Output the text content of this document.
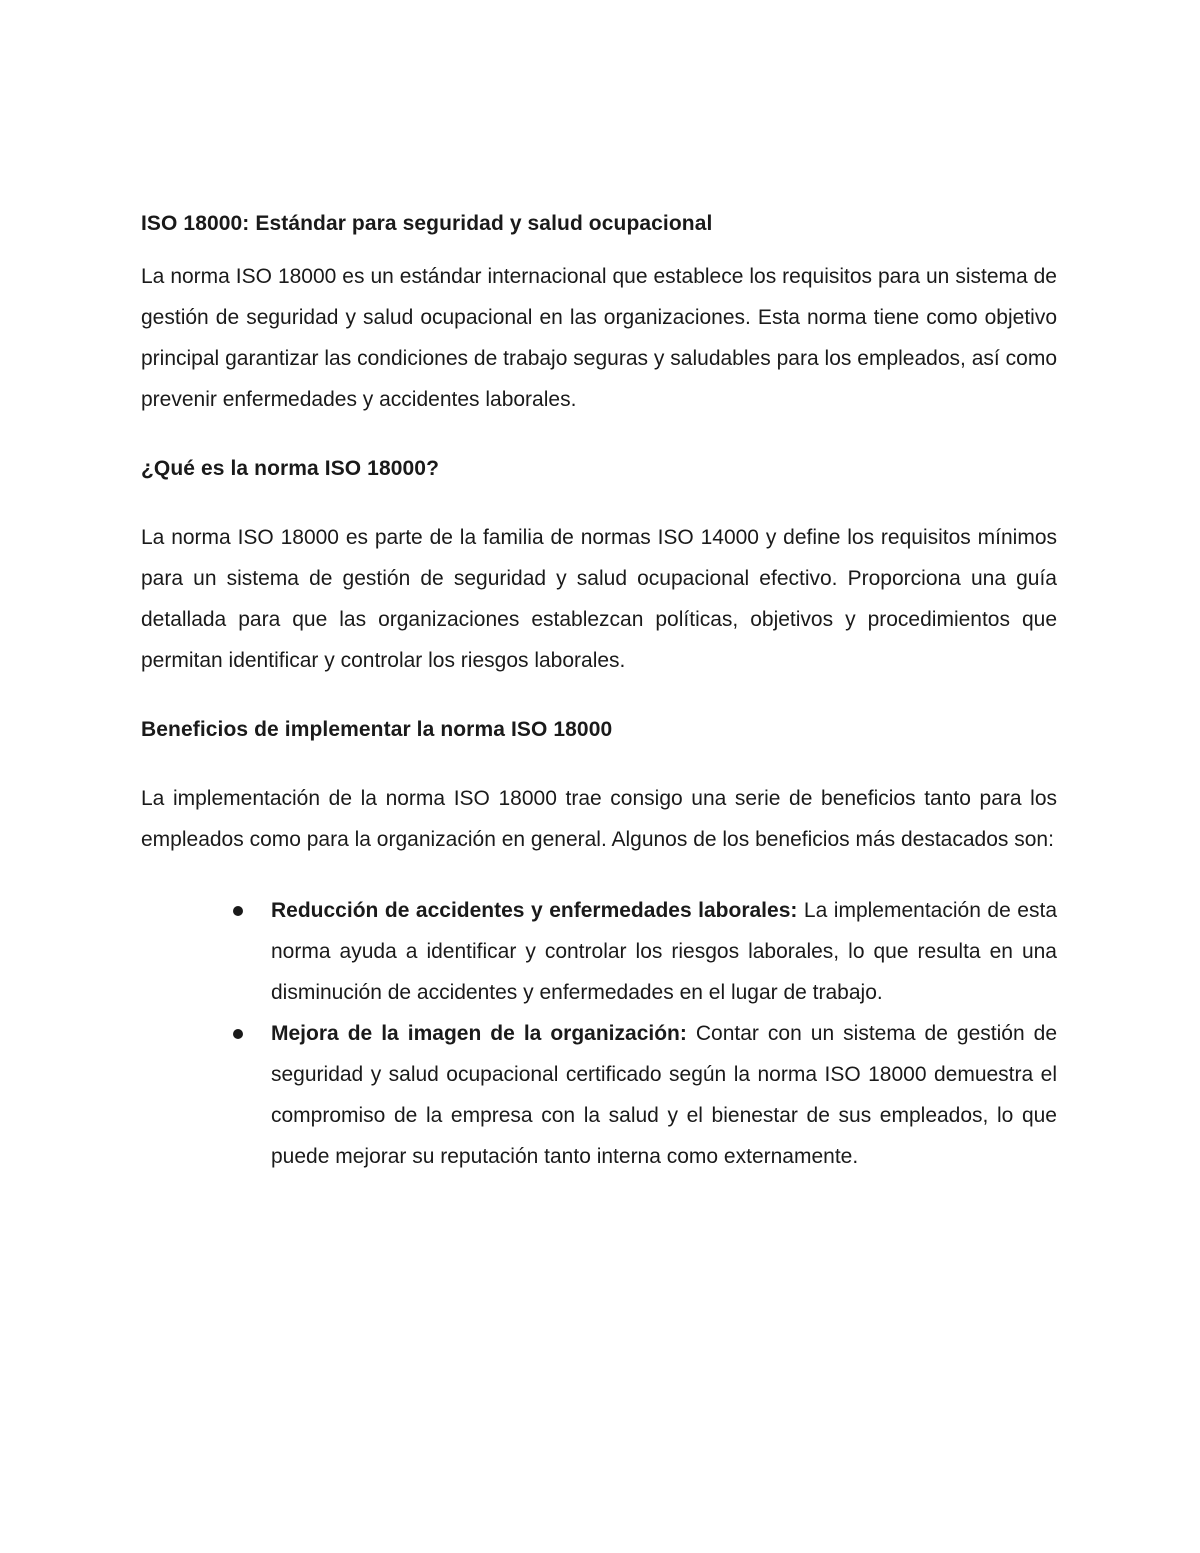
ISO 18000: Estándar para seguridad y salud ocupacional

La norma ISO 18000 es un estándar internacional que establece los requisitos para un sistema de gestión de seguridad y salud ocupacional en las organizaciones. Esta norma tiene como objetivo principal garantizar las condiciones de trabajo seguras y saludables para los empleados, así como prevenir enfermedades y accidentes laborales.

¿Qué es la norma ISO 18000?

La norma ISO 18000 es parte de la familia de normas ISO 14000 y define los requisitos mínimos para un sistema de gestión de seguridad y salud ocupacional efectivo. Proporciona una guía detallada para que las organizaciones establezcan políticas, objetivos y procedimientos que permitan identificar y controlar los riesgos laborales.

Beneficios de implementar la norma ISO 18000

La implementación de la norma ISO 18000 trae consigo una serie de beneficios tanto para los empleados como para la organización en general. Algunos de los beneficios más destacados son:

Reducción de accidentes y enfermedades laborales: La implementación de esta norma ayuda a identificar y controlar los riesgos laborales, lo que resulta en una disminución de accidentes y enfermedades en el lugar de trabajo.
Mejora de la imagen de la organización: Contar con un sistema de gestión de seguridad y salud ocupacional certificado según la norma ISO 18000 demuestra el compromiso de la empresa con la salud y el bienestar de sus empleados, lo que puede mejorar su reputación tanto interna como externamente.
